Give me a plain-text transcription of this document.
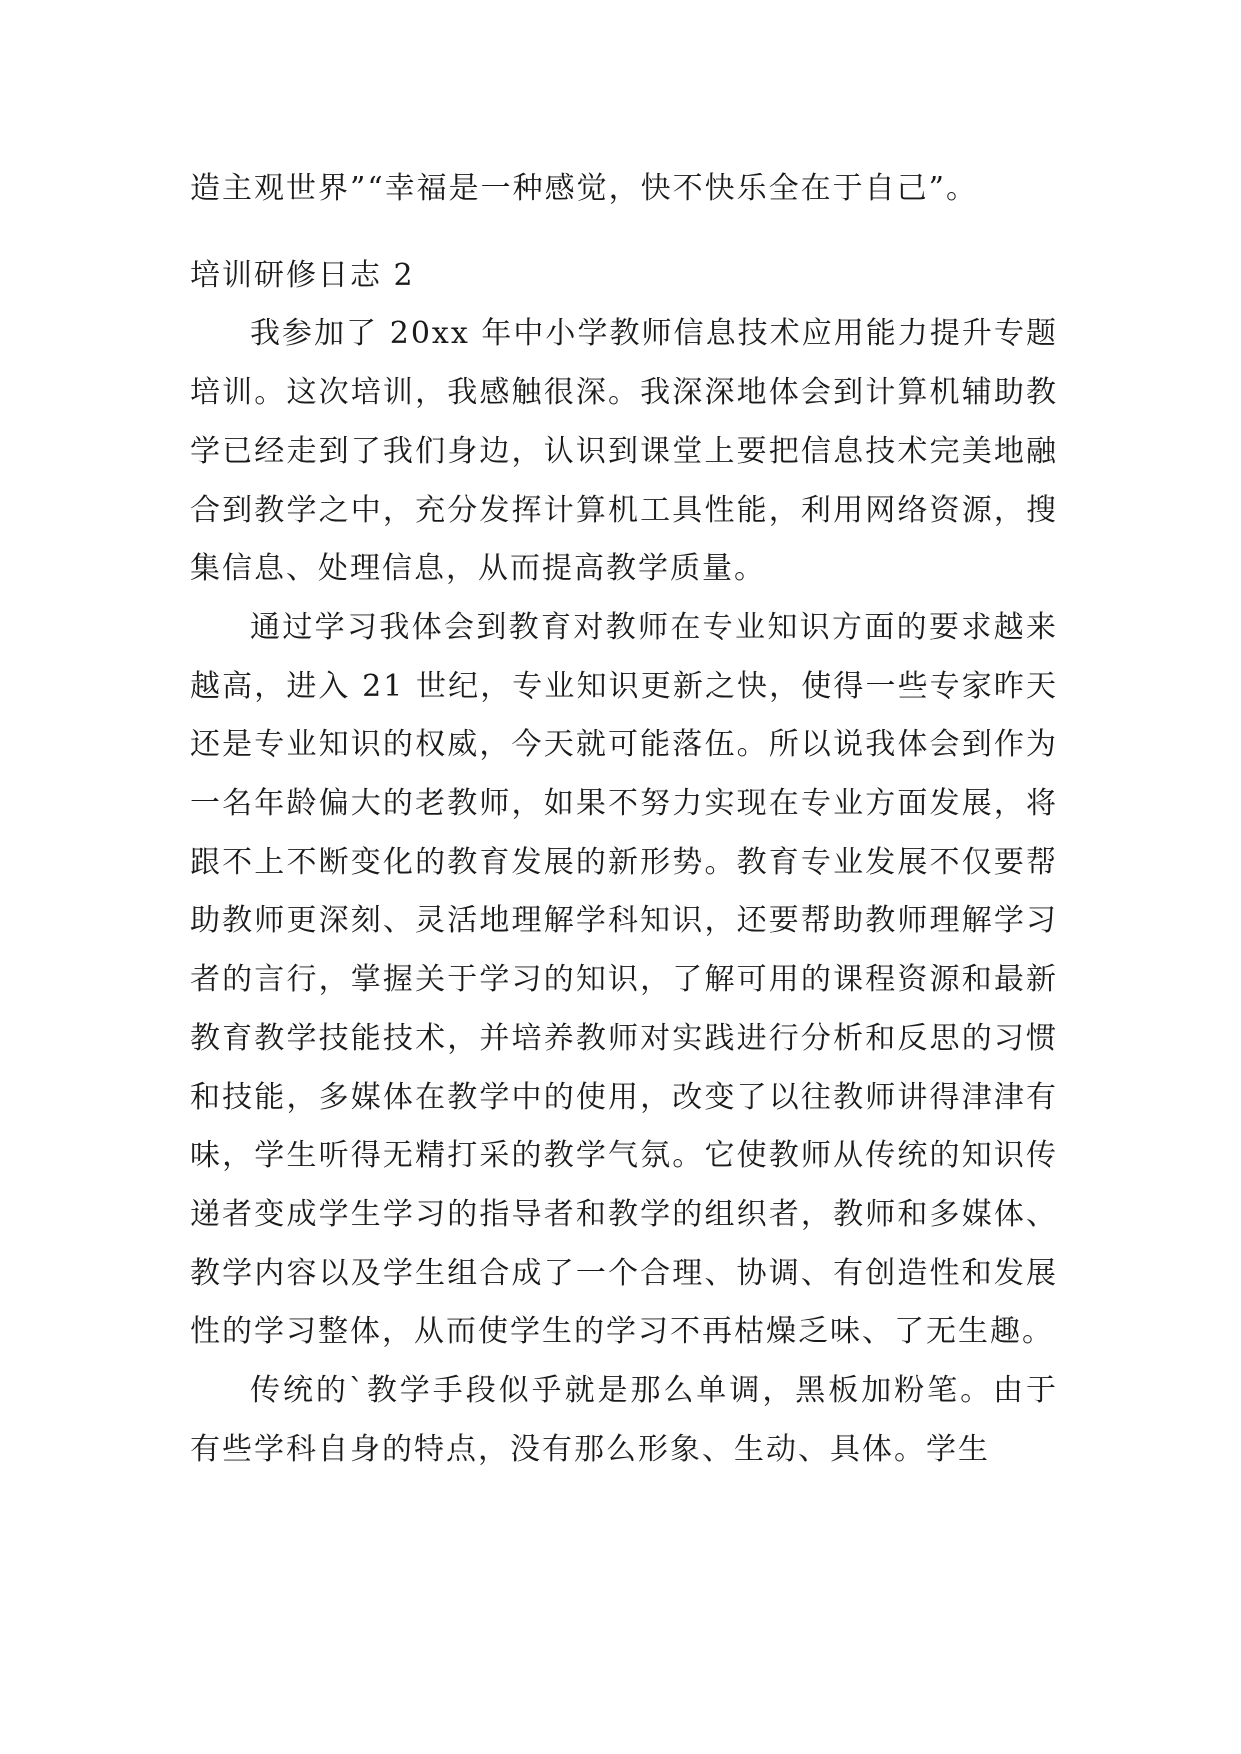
造主观世界”“幸福是一种感觉，快不快乐全在于自己”。

培训研修日志 2

我参加了 20xx 年中小学教师信息技术应用能力提升专题培训。这次培训，我感触很深。我深深地体会到计算机辅助教学已经走到了我们身边，认识到课堂上要把信息技术完美地融合到教学之中，充分发挥计算机工具性能，利用网络资源，搜集信息、处理信息，从而提高教学质量。

通过学习我体会到教育对教师在专业知识方面的要求越来越高，进入 21 世纪，专业知识更新之快，使得一些专家昨天还是专业知识的权威，今天就可能落伍。所以说我体会到作为一名年龄偏大的老教师，如果不努力实现在专业方面发展，将跟不上不断变化的教育发展的新形势。教育专业发展不仅要帮助教师更深刻、灵活地理解学科知识，还要帮助教师理解学习者的言行，掌握关于学习的知识，了解可用的课程资源和最新教育教学技能技术，并培养教师对实践进行分析和反思的习惯和技能，多媒体在教学中的使用，改变了以往教师讲得津津有味，学生听得无精打采的教学气氛。它使教师从传统的知识传递者变成学生学习的指导者和教学的组织者，教师和多媒体、教学内容以及学生组合成了一个合理、协调、有创造性和发展性的学习整体，从而使学生的学习不再枯燥乏味、了无生趣。

传统的`教学手段似乎就是那么单调，黑板加粉笔。由于有些学科自身的特点，没有那么形象、生动、具体。学生
